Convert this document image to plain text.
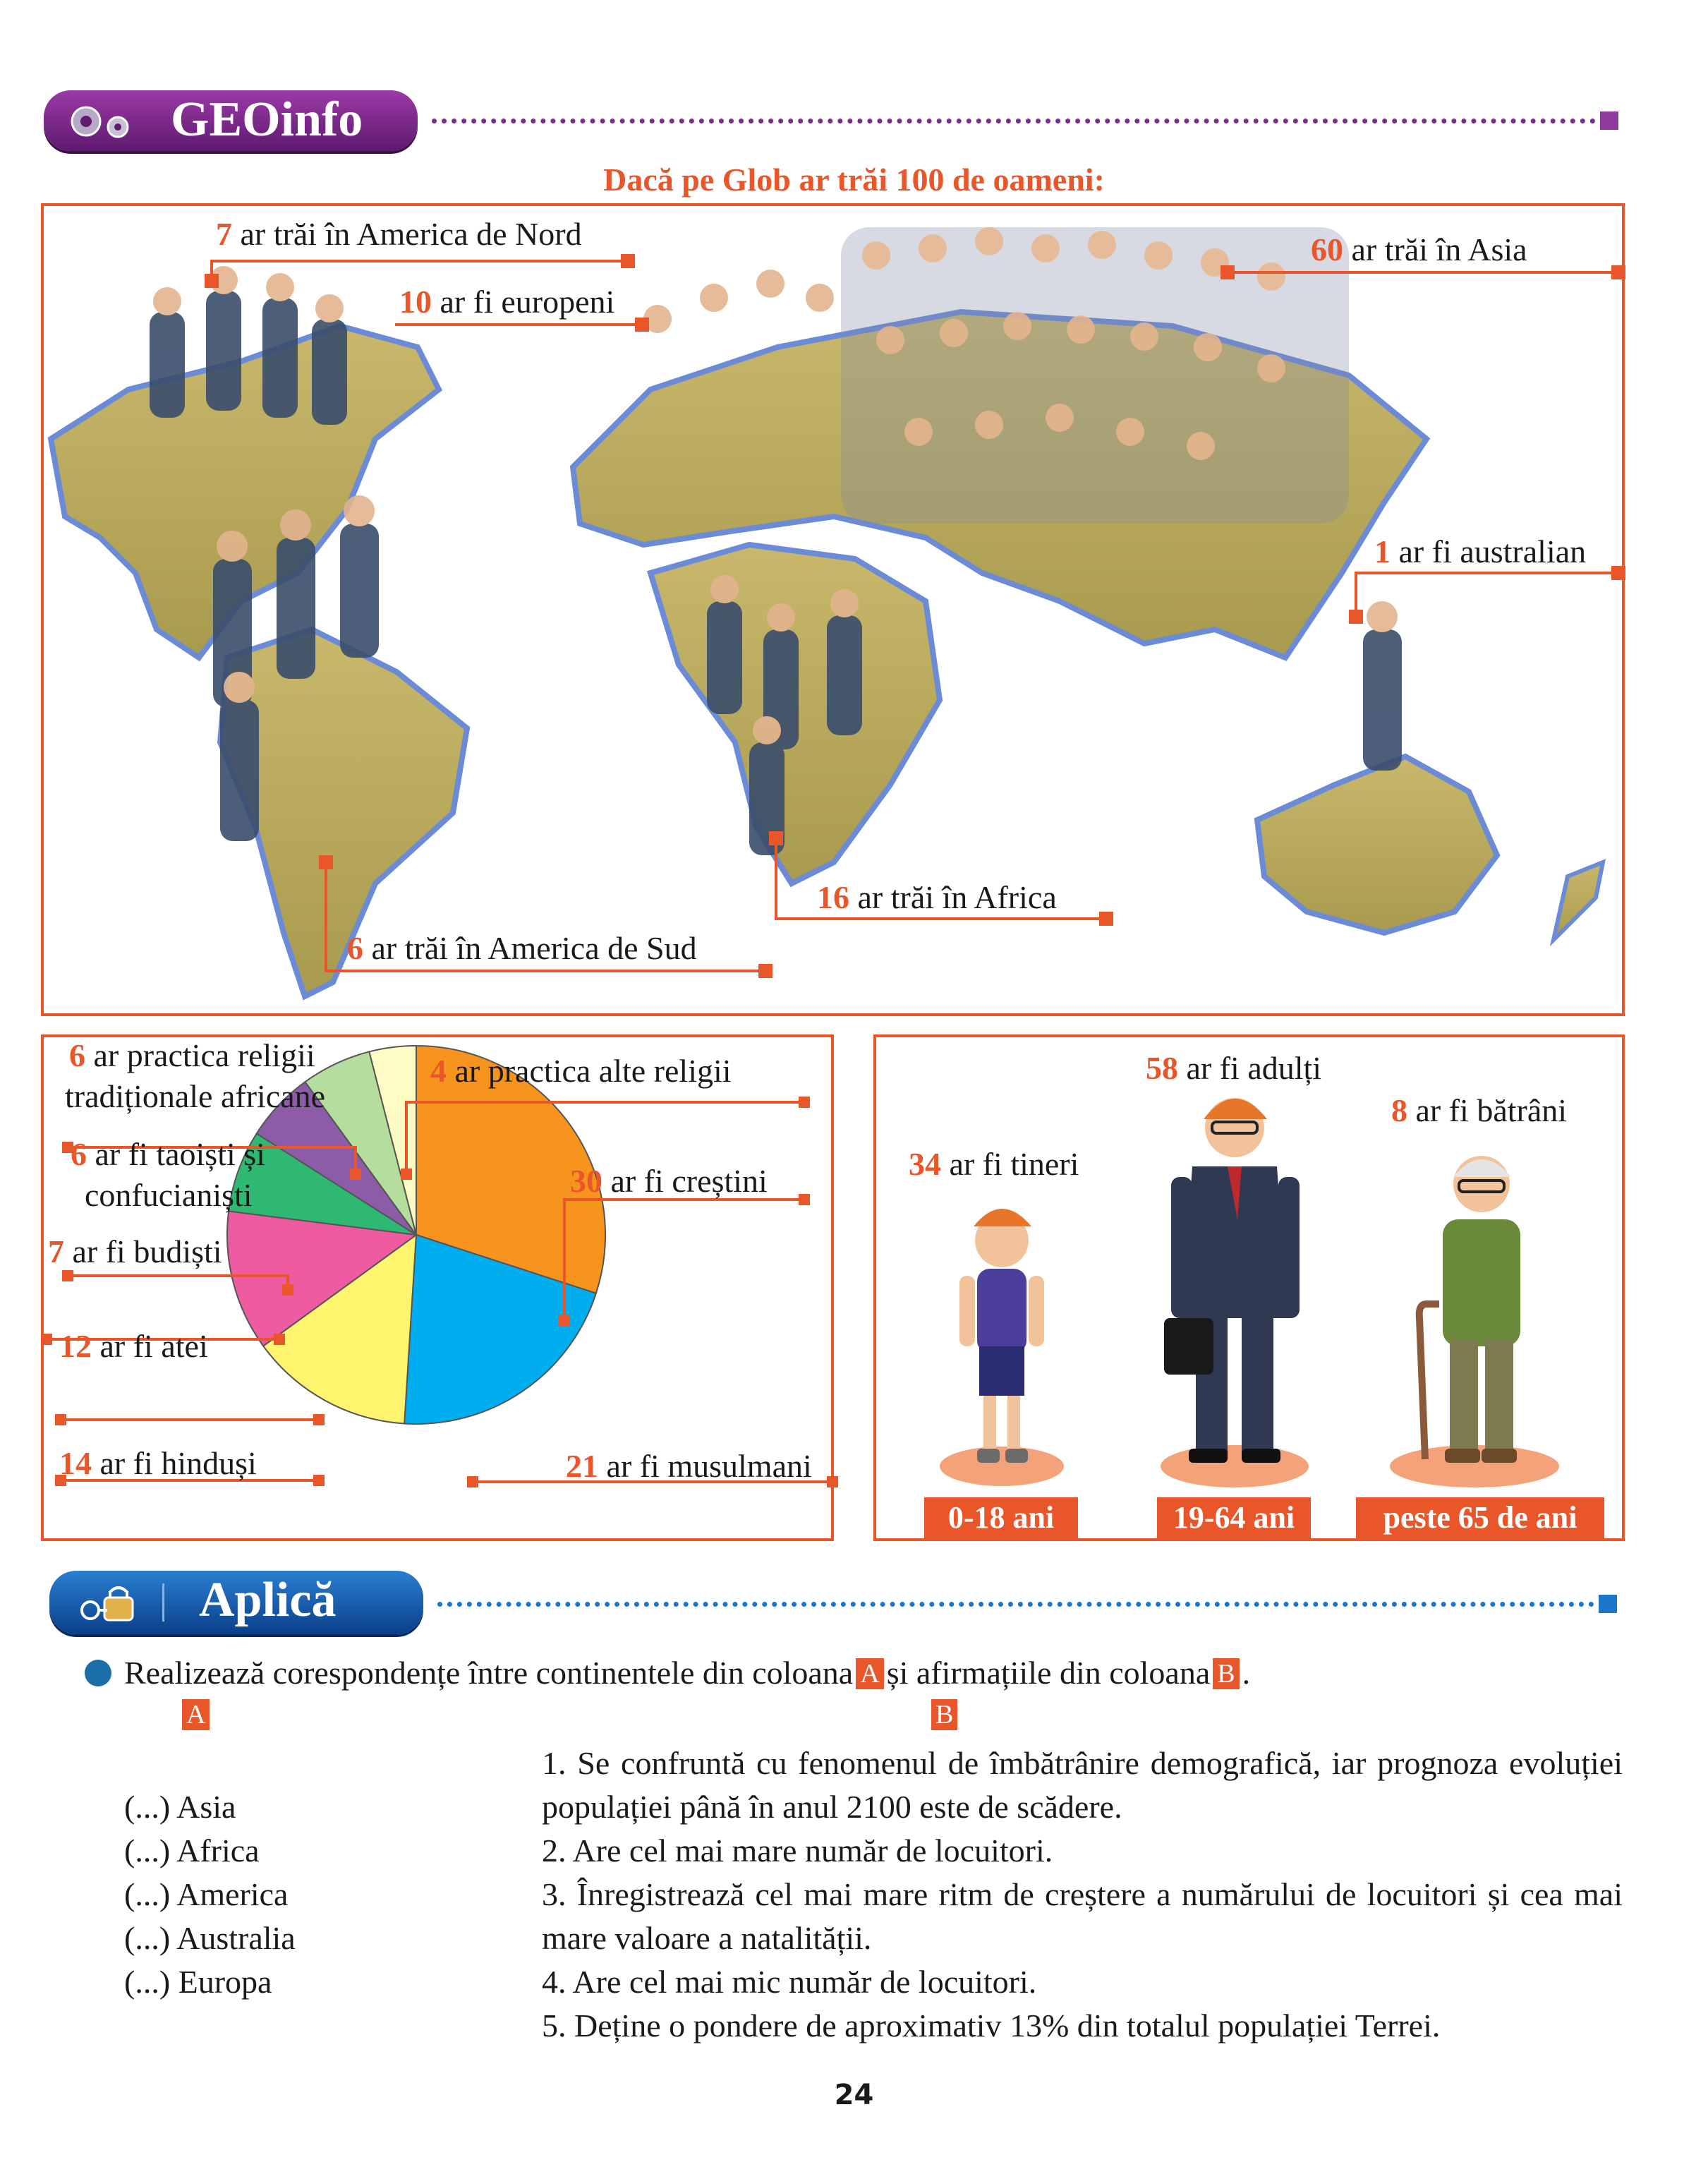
GEOinfo
Dacă pe Glob ar trăi 100 de oameni:
7 ar trăi în America de Nord
10 ar fi europeni
60 ar trăi în Asia
1 ar fi australian
16 ar trăi în Africa
6 ar trăi în America de Sud
30 ar fi creștini
21 ar fi musulmani
14 ar fi hinduși
12 ar fi atei
7 ar fi budiști
6 ar fi taoiști și
confucianiști
6 ar practica religii
tradiționale africane
4 ar practica alte religii
34 ar fi tineri
58 ar fi adulți
8 ar fi bătrâni
0-18 ani	19-64 ani	peste 65 de ani
Aplică
Realizează corespondențe între continentele din coloana A și afirmațiile din coloana B .
A	B
(...) Asia
(...) Africa
(...) America
(...) Australia
(...) Europa
1. Se confruntă cu fenomenul de îmbătrânire demografică, iar prognoza evoluției populației până în anul 2100 este de scădere.
2. Are cel mai mare număr de locuitori.
3. Înregistrează cel mai mare ritm de creștere a numărului de locuitori și cea mai mare valoare a natalității.
4. Are cel mai mic număr de locuitori.
5. Deține o pondere de aproximativ 13% din totalul populației Terrei.
24
